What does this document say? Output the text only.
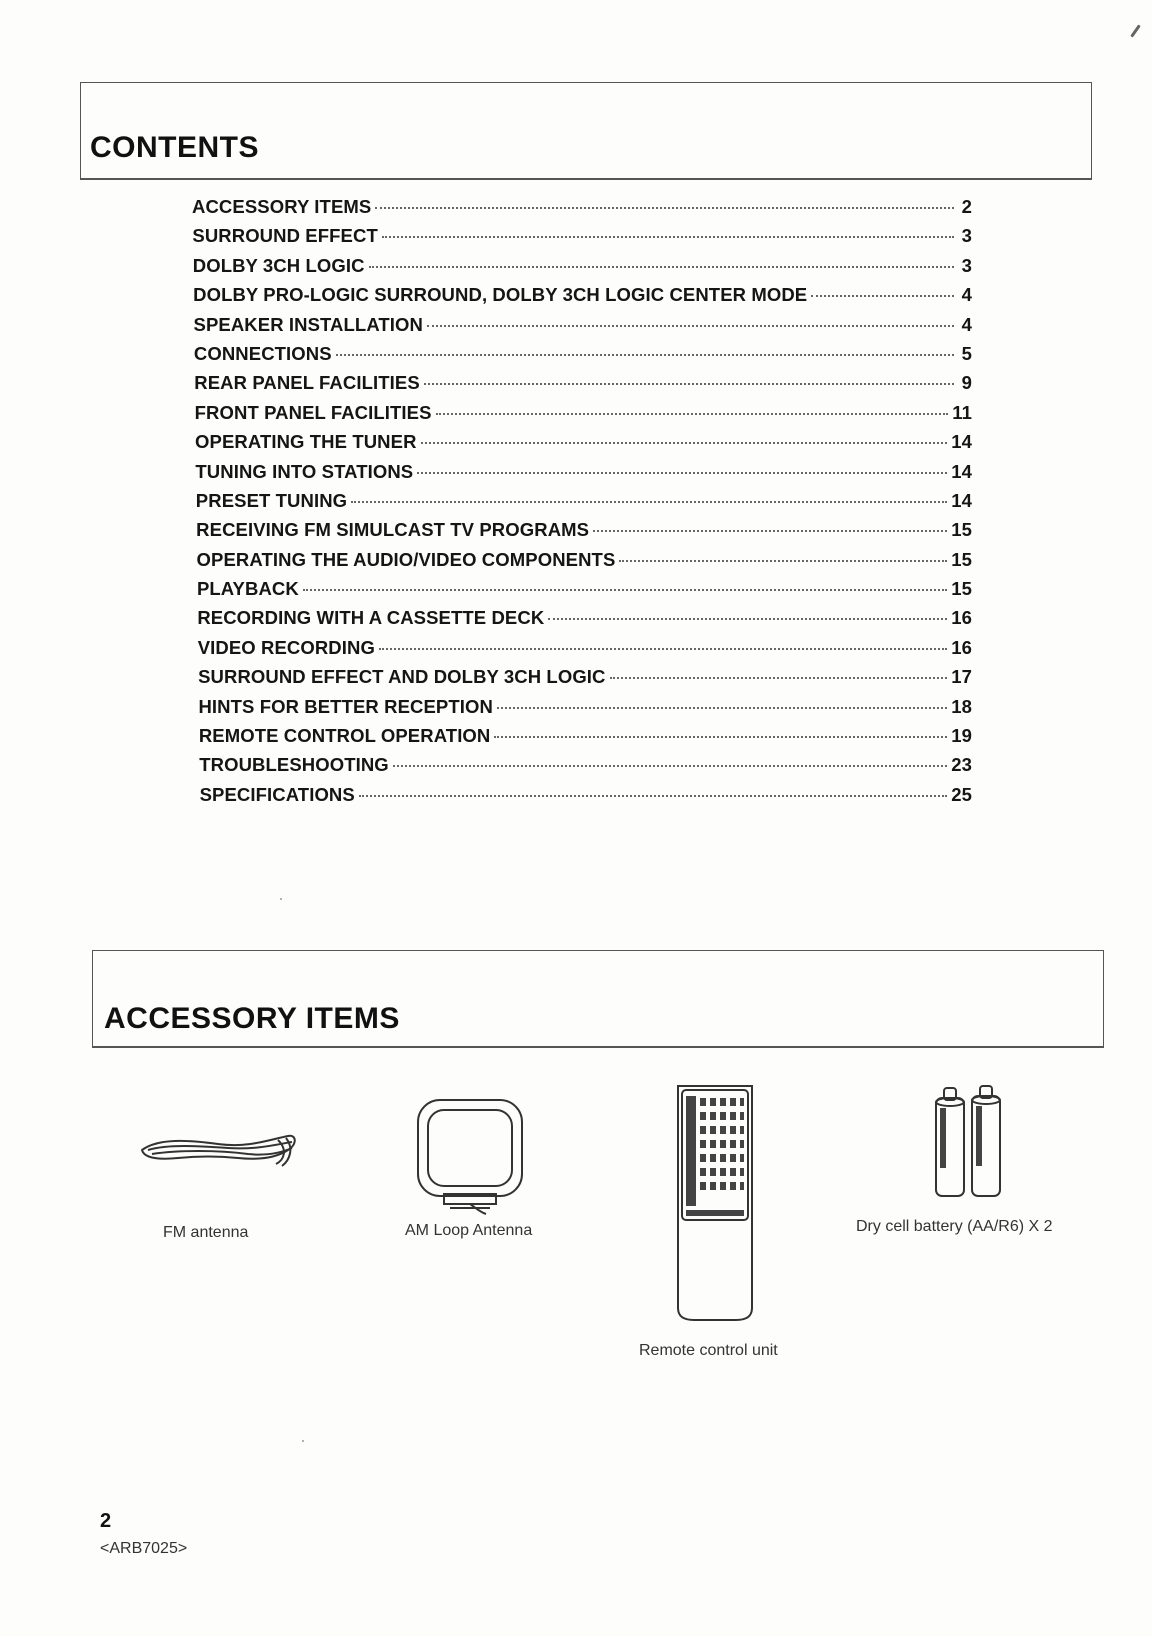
CONTENTS
ACCESSORY ITEMS	2
SURROUND EFFECT	3
DOLBY 3CH LOGIC	3
DOLBY PRO-LOGIC SURROUND, DOLBY 3CH LOGIC CENTER MODE	4
SPEAKER INSTALLATION	4
CONNECTIONS	5
REAR PANEL FACILITIES	9
FRONT PANEL FACILITIES	11
OPERATING THE TUNER	14
TUNING INTO STATIONS	14
PRESET TUNING	14
RECEIVING FM SIMULCAST TV PROGRAMS	15
OPERATING THE AUDIO/VIDEO COMPONENTS	15
PLAYBACK	15
RECORDING WITH A CASSETTE DECK	16
VIDEO RECORDING	16
SURROUND EFFECT AND DOLBY 3CH LOGIC	17
HINTS FOR BETTER RECEPTION	18
REMOTE CONTROL OPERATION	19
TROUBLESHOOTING	23
SPECIFICATIONS	25
ACCESSORY ITEMS
FM antenna	AM Loop Antenna
Remote control unit
Dry cell battery (AA/R6) X 2
2
<ARB7025>
